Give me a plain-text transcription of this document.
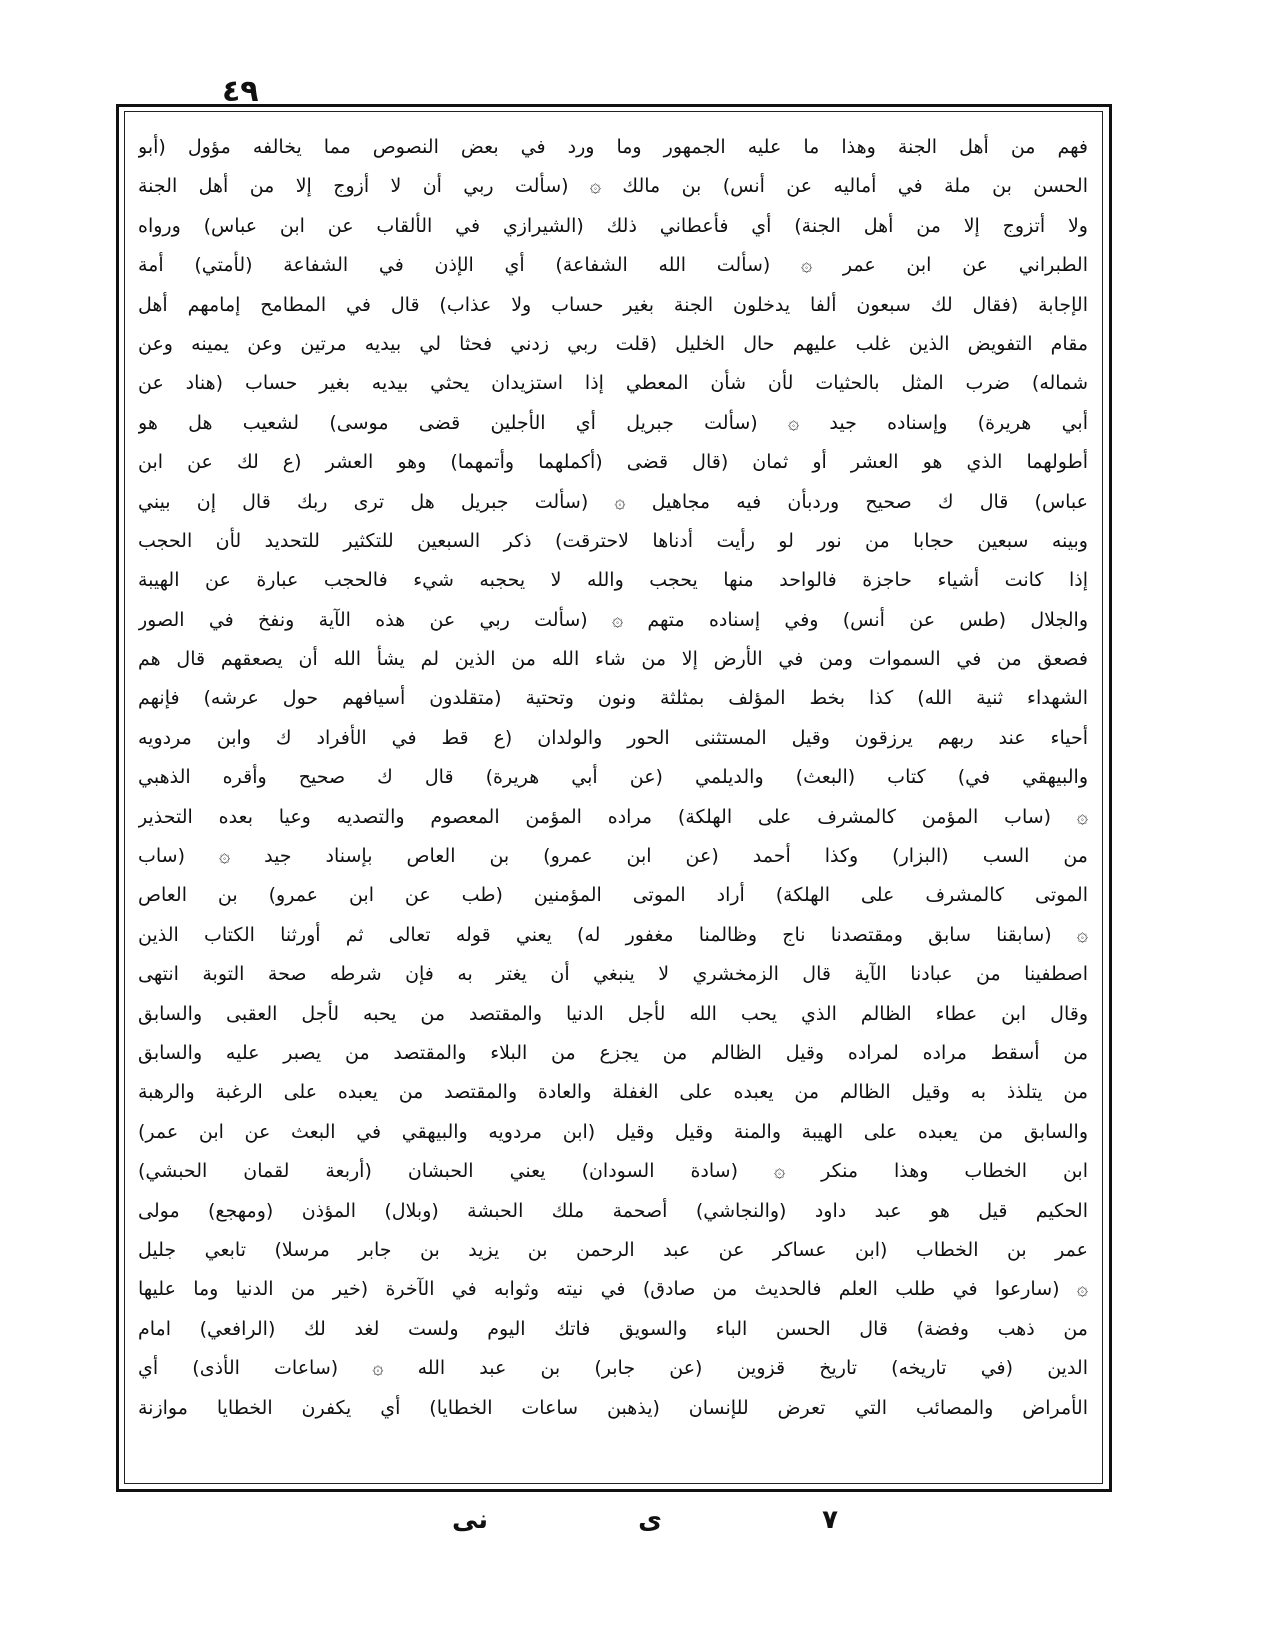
٤٩
فهم من أهل الجنة وهذا ما عليه الجمهور وما ورد في بعض النصوص مما يخالفه مؤول (أبو
الحسن بن ملة في أماليه عن أنس) بن مالك ۞ (سألت ربي أن لا أزوج إلا من أهل الجنة
ولا أتزوج إلا من أهل الجنة) أي فأعطاني ذلك (الشيرازي في الألقاب عن ابن عباس) ورواه
الطبراني عن ابن عمر ۞ (سألت الله الشفاعة) أي الإذن في الشفاعة (لأمتي) أمة
الإجابة (فقال لك سبعون ألفا يدخلون الجنة بغير حساب ولا عذاب) قال في المطامح إمامهم أهل
مقام التفويض الذين غلب عليهم حال الخليل (قلت ربي زدني فحثا لي بيديه مرتين وعن يمينه وعن
شماله) ضرب المثل بالحثيات لأن شأن المعطي إذا استزيدان يحثي بيديه بغير حساب (هناد عن
أبي هريرة) وإسناده جيد ۞ (سألت جبريل أي الأجلين قضى موسى) لشعيب هل هو
أطولهما الذي هو العشر أو ثمان (قال قضى (أكملهما وأتمهما) وهو العشر (ع لك عن ابن
عباس) قال ك صحيح وردبأن فيه مجاهيل ۞ (سألت جبريل هل ترى ربك قال إن بيني
وبينه سبعين حجابا من نور لو رأيت أدناها لاحترقت) ذكر السبعين للتكثير للتحديد لأن الحجب
إذا كانت أشياء حاجزة فالواحد منها يحجب والله لا يحجبه شيء فالحجب عبارة عن الهيبة
والجلال (طس عن أنس) وفي إسناده متهم ۞ (سألت ربي عن هذه الآية ونفخ في الصور
فصعق من في السموات ومن في الأرض إلا من شاء الله من الذين لم يشأ الله أن يصعقهم قال هم
الشهداء ثنية الله) كذا بخط المؤلف بمثلثة ونون وتحتية (متقلدون أسيافهم حول عرشه) فإنهم
أحياء عند ربهم يرزقون وقيل المستثنى الحور والولدان (ع قط في الأفراد ك وابن مردويه
والبيهقي في) كتاب (البعث) والديلمي (عن أبي هريرة) قال ك صحيح وأقره الذهبي
۞ (ساب المؤمن كالمشرف على الهلكة) مراده المؤمن المعصوم والتصديه وعيا بعده التحذير
من السب (البزار) وكذا أحمد (عن ابن عمرو) بن العاص بإسناد جيد ۞ (ساب
الموتى كالمشرف على الهلكة) أراد الموتى المؤمنين (طب عن ابن عمرو) بن العاص
۞ (سابقنا سابق ومقتصدنا ناج وظالمنا مغفور له) يعني قوله تعالى ثم أورثنا الكتاب الذين
اصطفينا من عبادنا الآية قال الزمخشري لا ينبغي أن يغتر به فإن شرطه صحة التوبة انتهى
وقال ابن عطاء الظالم الذي يحب الله لأجل الدنيا والمقتصد من يحبه لأجل العقبى والسابق
من أسقط مراده لمراده وقيل الظالم من يجزع من البلاء والمقتصد من يصبر عليه والسابق
من يتلذذ به وقيل الظالم من يعبده على الغفلة والعادة والمقتصد من يعبده على الرغبة والرهبة
والسابق من يعبده على الهيبة والمنة وقيل وقيل (ابن مردويه والبيهقي في البعث عن ابن عمر)
ابن الخطاب وهذا منكر ۞ (سادة السودان) يعني الحبشان (أربعة لقمان الحبشي)
الحكيم قيل هو عبد داود (والنجاشي) أصحمة ملك الحبشة (وبلال) المؤذن (ومهجع) مولى
عمر بن الخطاب (ابن عساكر عن عبد الرحمن بن يزيد بن جابر مرسلا) تابعي جليل
۞ (سارعوا في طلب العلم فالحديث من صادق) في نيته وثوابه في الآخرة (خير من الدنيا وما عليها
من ذهب وفضة) قال الحسن الباء والسويق فاتك اليوم ولست لغد لك (الرافعي) امام
الدين (في تاريخه) تاريخ قزوين (عن جابر) بن عبد الله ۞ (ساعات الأذى) أي
الأمراض والمصائب التي تعرض للإنسان (يذهبن ساعات الخطايا) أي يكفرن الخطايا موازنة
٧
ى
نى
